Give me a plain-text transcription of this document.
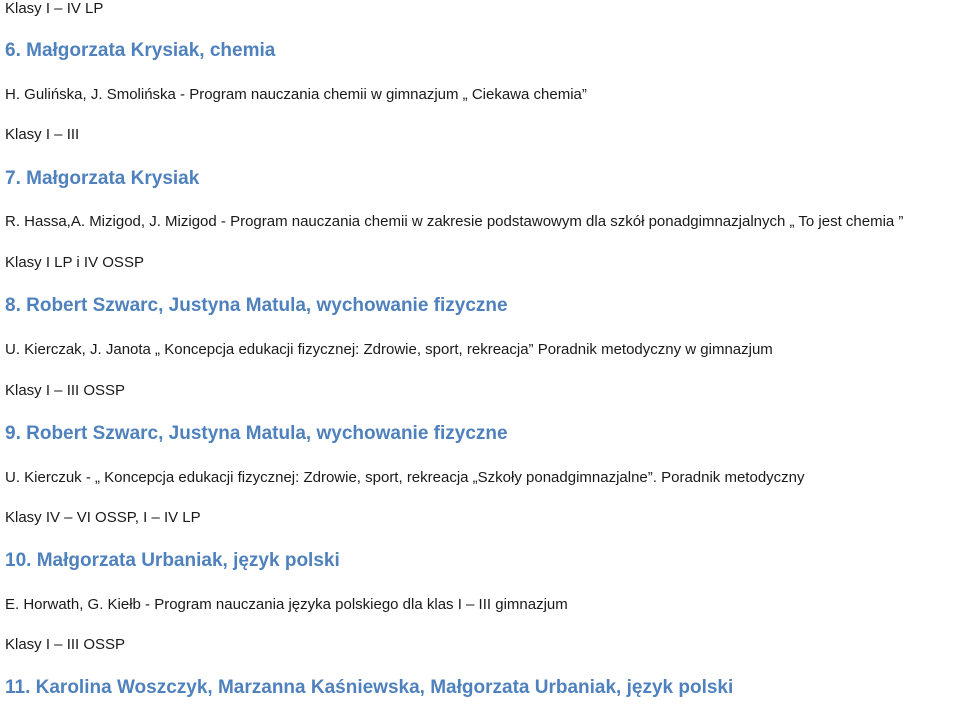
Klasy I – IV LP
6. Małgorzata Krysiak, chemia
H. Gulińska, J. Smolińska - Program nauczania chemii w gimnazjum „ Ciekawa chemia”
Klasy I – III
7. Małgorzata Krysiak
R. Hassa,A. Mizigod, J. Mizigod - Program nauczania chemii w zakresie podstawowym dla szkół ponadgimnazjalnych „ To jest chemia ”
Klasy I LP i IV OSSP
8. Robert Szwarc, Justyna Matula, wychowanie fizyczne
U. Kierczak, J. Janota „ Koncepcja edukacji fizycznej: Zdrowie, sport, rekreacja” Poradnik metodyczny w gimnazjum
Klasy I – III OSSP
9. Robert Szwarc, Justyna Matula, wychowanie fizyczne
U. Kierczuk - „ Koncepcja edukacji fizycznej: Zdrowie, sport, rekreacja „Szkoły ponadgimnazjalne”. Poradnik metodyczny
Klasy IV – VI OSSP, I – IV LP
10. Małgorzata Urbaniak, język polski
E. Horwath, G. Kiełb - Program nauczania języka polskiego dla klas I – III gimnazjum
Klasy I – III OSSP
11. Karolina Woszczyk, Marzanna Kaśniewska, Małgorzata Urbaniak, język polski
